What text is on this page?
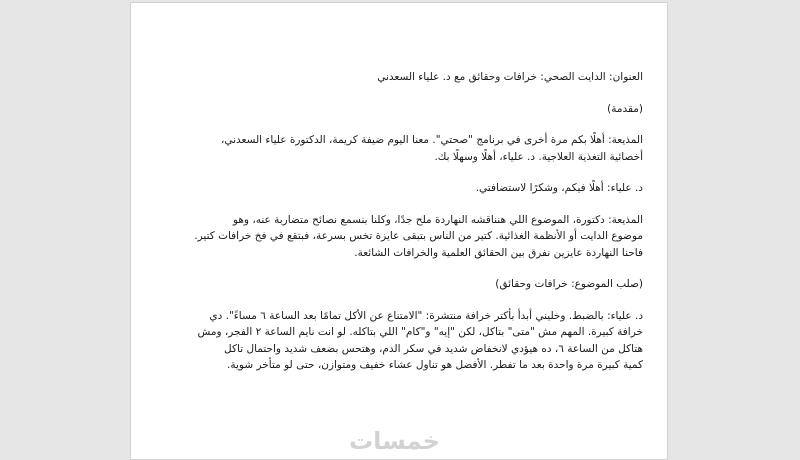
العنوان: الدايت الصحي: خرافات وحقائق مع د. علياء السعدني

(مقدمة)

المذيعة: أهلًا بكم مرة أخرى في برنامج "صحتي". معنا اليوم ضيفة كريمة، الدكتورة علياء السعدني،
أخصائية التغذية العلاجية. د. علياء، أهلًا وسهلًا بك.

د. علياء: أهلًا فيكم، وشكرًا لاستضافتي.

المذيعة: دكتورة، الموضوع اللي هنناقشه النهاردة ملح جدًا، وكلنا بنسمع نصائح متضاربة عنه، وهو
موضوع الدايت أو الأنظمة الغذائية. كتير من الناس بتبقى عايزة تخس بسرعة، فبتقع في فخ خرافات كتير.
فاحنا النهاردة عايزين نفرق بين الحقائق العلمية والخرافات الشائعة.

(صلب الموضوع: خرافات وحقائق)

د. علياء: بالضبط. وخليني أبدأ بأكتر خرافة منتشرة: "الامتناع عن الأكل تمامًا بعد الساعة ٦ مساءً". دي
خرافة كبيرة. المهم مش "متى" بتاكل، لكن "إيه" و"كام" اللي بتاكله. لو انت نايم الساعة ٢ الفجر، ومش
هتاكل من الساعة ٦، ده هيؤدي لانخفاض شديد في سكر الدم، وهتحس بضعف شديد واحتمال تاكل
كمية كبيرة مرة واحدة بعد ما تفطر. الأفضل هو تناول عشاء خفيف ومتوازن، حتى لو متأخر شوية.

خمسات
